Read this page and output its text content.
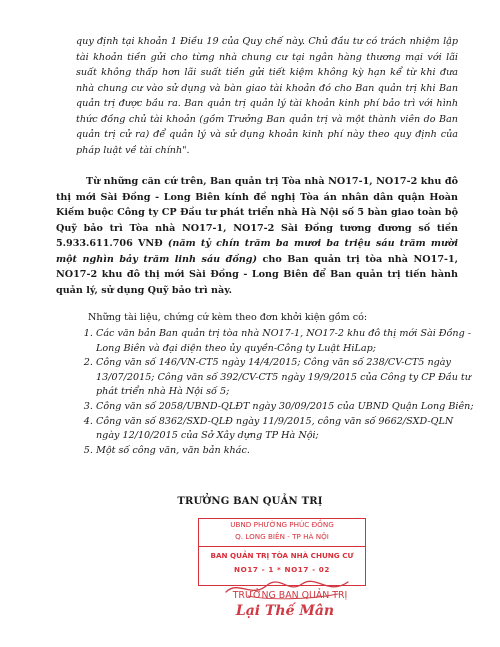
quy định tại khoản 1 Điều 19 của Quy chế này. Chủ đầu tư có trách nhiệm lập tài khoản tiền gửi cho từng nhà chung cư tại ngân hàng thương mại với lãi suất không thấp hơn lãi suất tiền gửi tiết kiệm không kỳ hạn kể từ khi đưa nhà chung cư vào sử dụng và bàn giao tài khoản đó cho Ban quản trị khi Ban quản trị được bầu ra. Ban quản trị quản lý tài khoản kinh phí bảo trì với hình thức đồng chủ tài khoản (gồm Trưởng Ban quản trị và một thành viên do Ban quản trị cử ra) để quản lý và sử dụng khoản kinh phí này theo quy định của pháp luật về tài chính".

Từ những căn cứ trên, Ban quản trị Tòa nhà NO17-1, NO17-2 khu đô thị mới Sài Đồng - Long Biên kính đề nghị Tòa án nhân dân quận Hoàn Kiếm buộc Công ty CP Đầu tư phát triển nhà Hà Nội số 5 bàn giao toàn bộ Quỹ bảo trì Tòa nhà NO17-1, NO17-2 Sài Đồng tương đương số tiền 5.933.611.706 VNĐ (năm tỷ chín trăm ba mươi ba triệu sáu trăm mười một nghìn bảy trăm linh sáu đồng) cho Ban quản trị tòa nhà NO17-1, NO17-2 khu đô thị mới Sài Đồng - Long Biên để Ban quản trị tiến hành quản lý, sử dụng Quỹ bảo trì này.

Những tài liệu, chứng cứ kèm theo đơn khởi kiện gồm có:

1. Các văn bản Ban quản trị tòa nhà NO17-1, NO17-2 khu đô thị mới Sài Đồng - Long Biên và đại diện theo ủy quyền-Công ty Luật HiLap;
2. Công văn số 146/VN-CT5 ngày 14/4/2015; Công văn số 238/CV-CT5 ngày 13/07/2015; Công văn số 392/CV-CT5 ngày 19/9/2015 của Công ty CP Đầu tư phát triển nhà Hà Nội số 5;
3. Công văn số 2058/UBND-QLĐT ngày 30/09/2015 của UBND Quận Long Biên;
4. Công văn số 8362/SXD-QLĐ ngày 11/9/2015, công văn số 9662/SXD-QLN ngày 12/10/2015 của Sở Xây dựng TP Hà Nội;
5. Một số công văn, văn bản khác.
TRƯỞNG BAN QUẢN TRỊ
UBND PHƯỜNG PHÚC ĐỒNG
Q. LONG BIÊN - TP HÀ NỘI
BAN QUẢN TRỊ TÒA NHÀ CHUNG CƯ
NO17 - 1 * NO17 - 02
TRƯỞNG BAN QUẢN TRỊ
Lại Thế Mân
